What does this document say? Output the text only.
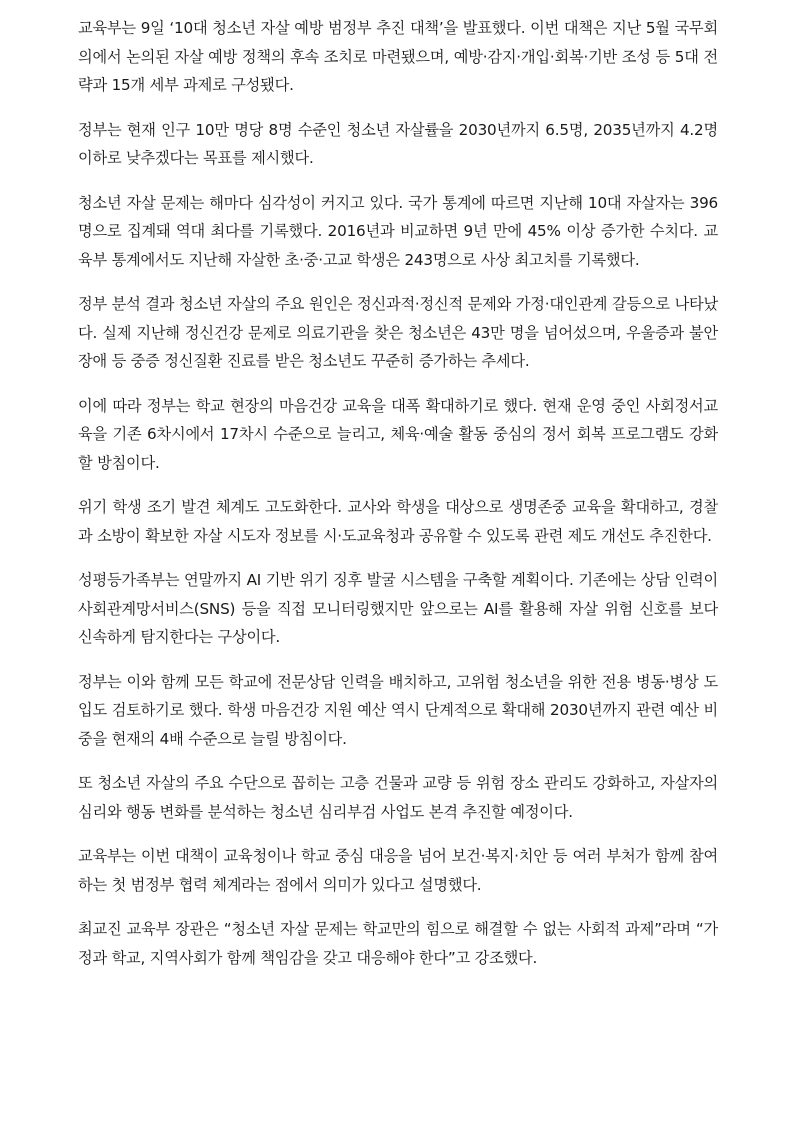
교육부는 9일 ‘10대 청소년 자살 예방 범정부 추진 대책’을 발표했다. 이번 대책은 지난 5월 국무회의에서 논의된 자살 예방 정책의 후속 조치로 마련됐으며, 예방·감지·개입·회복·기반 조성 등 5대 전략과 15개 세부 과제로 구성됐다.

정부는 현재 인구 10만 명당 8명 수준인 청소년 자살률을 2030년까지 6.5명, 2035년까지 4.2명 이하로 낮추겠다는 목표를 제시했다.

청소년 자살 문제는 해마다 심각성이 커지고 있다. 국가 통계에 따르면 지난해 10대 자살자는 396명으로 집계돼 역대 최다를 기록했다. 2016년과 비교하면 9년 만에 45% 이상 증가한 수치다. 교육부 통계에서도 지난해 자살한 초·중·고교 학생은 243명으로 사상 최고치를 기록했다.

정부 분석 결과 청소년 자살의 주요 원인은 정신과적·정신적 문제와 가정·대인관계 갈등으로 나타났다. 실제 지난해 정신건강 문제로 의료기관을 찾은 청소년은 43만 명을 넘어섰으며, 우울증과 불안장애 등 중증 정신질환 진료를 받은 청소년도 꾸준히 증가하는 추세다.

이에 따라 정부는 학교 현장의 마음건강 교육을 대폭 확대하기로 했다. 현재 운영 중인 사회정서교육을 기존 6차시에서 17차시 수준으로 늘리고, 체육·예술 활동 중심의 정서 회복 프로그램도 강화할 방침이다.

위기 학생 조기 발견 체계도 고도화한다. 교사와 학생을 대상으로 생명존중 교육을 확대하고, 경찰과 소방이 확보한 자살 시도자 정보를 시·도교육청과 공유할 수 있도록 관련 제도 개선도 추진한다.

성평등가족부는 연말까지 AI 기반 위기 징후 발굴 시스템을 구축할 계획이다. 기존에는 상담 인력이 사회관계망서비스(SNS) 등을 직접 모니터링했지만 앞으로는 AI를 활용해 자살 위험 신호를 보다 신속하게 탐지한다는 구상이다.

정부는 이와 함께 모든 학교에 전문상담 인력을 배치하고, 고위험 청소년을 위한 전용 병동·병상 도입도 검토하기로 했다. 학생 마음건강 지원 예산 역시 단계적으로 확대해 2030년까지 관련 예산 비중을 현재의 4배 수준으로 늘릴 방침이다.

또 청소년 자살의 주요 수단으로 꼽히는 고층 건물과 교량 등 위험 장소 관리도 강화하고, 자살자의 심리와 행동 변화를 분석하는 청소년 심리부검 사업도 본격 추진할 예정이다.

교육부는 이번 대책이 교육청이나 학교 중심 대응을 넘어 보건·복지·치안 등 여러 부처가 함께 참여하는 첫 범정부 협력 체계라는 점에서 의미가 있다고 설명했다.

최교진 교육부 장관은 “청소년 자살 문제는 학교만의 힘으로 해결할 수 없는 사회적 과제”라며 “가정과 학교, 지역사회가 함께 책임감을 갖고 대응해야 한다”고 강조했다.
